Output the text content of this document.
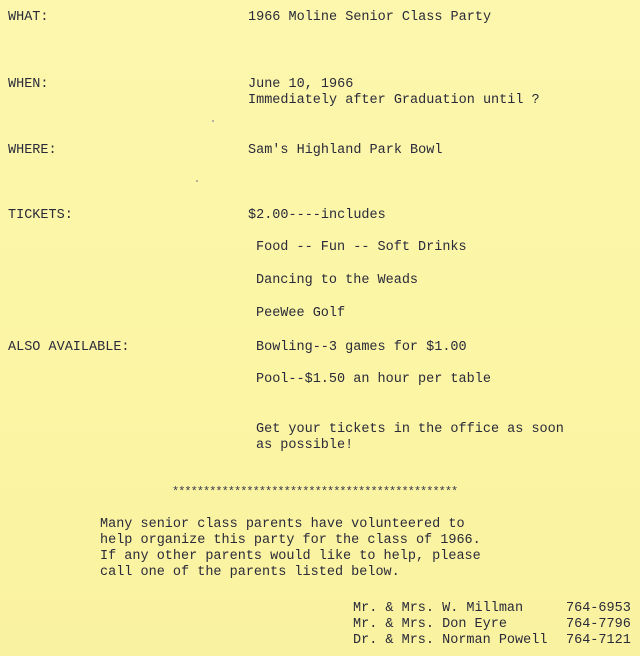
WHAT:	1966 Moline Senior Class Party
WHEN:	June 10, 1966
Immediately after Graduation until ?
WHERE:	Sam's Highland Park Bowl
TICKETS:	$2.00----includes
Food -- Fun -- Soft Drinks
Dancing to the Weads
PeeWee Golf
ALSO AVAILABLE:	Bowling--3 games for $1.00
Pool--$1.50 an hour per table
Get your tickets in the office as soon
as possible!
**********************************************
Many senior class parents have volunteered to
help organize this party for the class of 1966.
If any other parents would like to help, please
call one of the parents listed below.
Mr. & Mrs. W. Millman	764-6953
Mr. & Mrs. Don Eyre	764-7796
Dr. & Mrs. Norman Powell 764-7121
